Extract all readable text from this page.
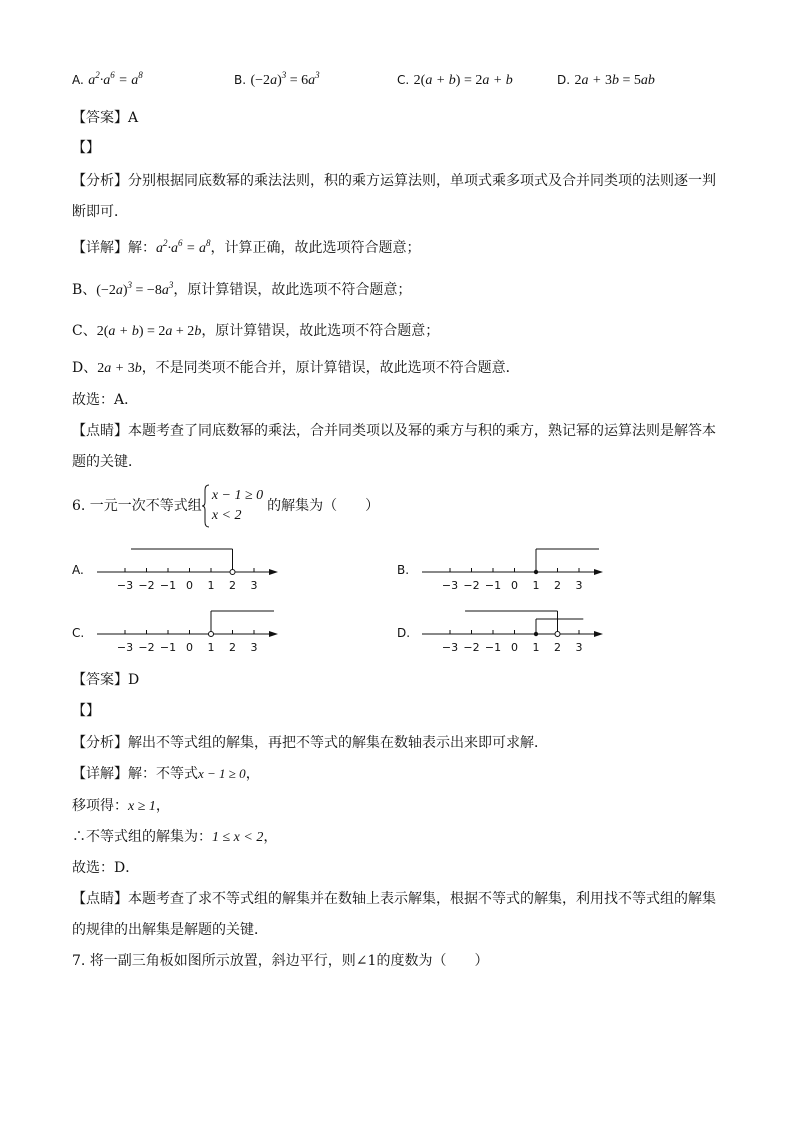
A. $a^2\cdot a^6 = a^8$	B. $(-2a)^3 = 6a^3$	C. 2(a + b) = 2a + b	D. 2a + 3b = 5ab
【答案】A
【】
【分析】分别根据同底数幂的乘法法则，积的乘方运算法则，单项式乘多项式及合并同类项的法则逐一判
断即可．
【详解】解：$a^2\cdot a^6 = a^8$，计算正确，故此选项符合题意；
B、$(-2a)^3 = -8a^3$，原计算错误，故此选项不符合题意；
C、2(a + b) = 2a + 2b，原计算错误，故此选项不符合题意；
D、2a + 3b，不是同类项不能合并，原计算错误，故此选项不符合题意．
故选：A．
【点睛】本题考查了同底数幂的乘法，合并同类项以及幂的乘方与积的乘方，熟记幂的运算法则是解答本
题的关键．
6. 一元一次不等式组
x − 1 ≥ 0
x < 2
的解集为（　　）
A.	B.
C.	D.
−3 −2 −1 0 1 2 3	−3 −2 −1 0 1 2 3
−3 −2 −1 0 1 2 3	−3 −2 −1 0 1 2 3
【答案】D
【】
【分析】解出不等式组的解集，再把不等式的解集在数轴表示出来即可求解．
【详解】解：不等式x − 1 ≥ 0，
移项得：x ≥ 1，
∴不等式组的解集为：1 ≤ x < 2，
故选：D．
【点睛】本题考查了求不等式组的解集并在数轴上表示解集，根据不等式的解集，利用找不等式组的解集
的规律的出解集是解题的关键．
7. 将一副三角板如图所示放置，斜边平行，则∠1的度数为（　　）
